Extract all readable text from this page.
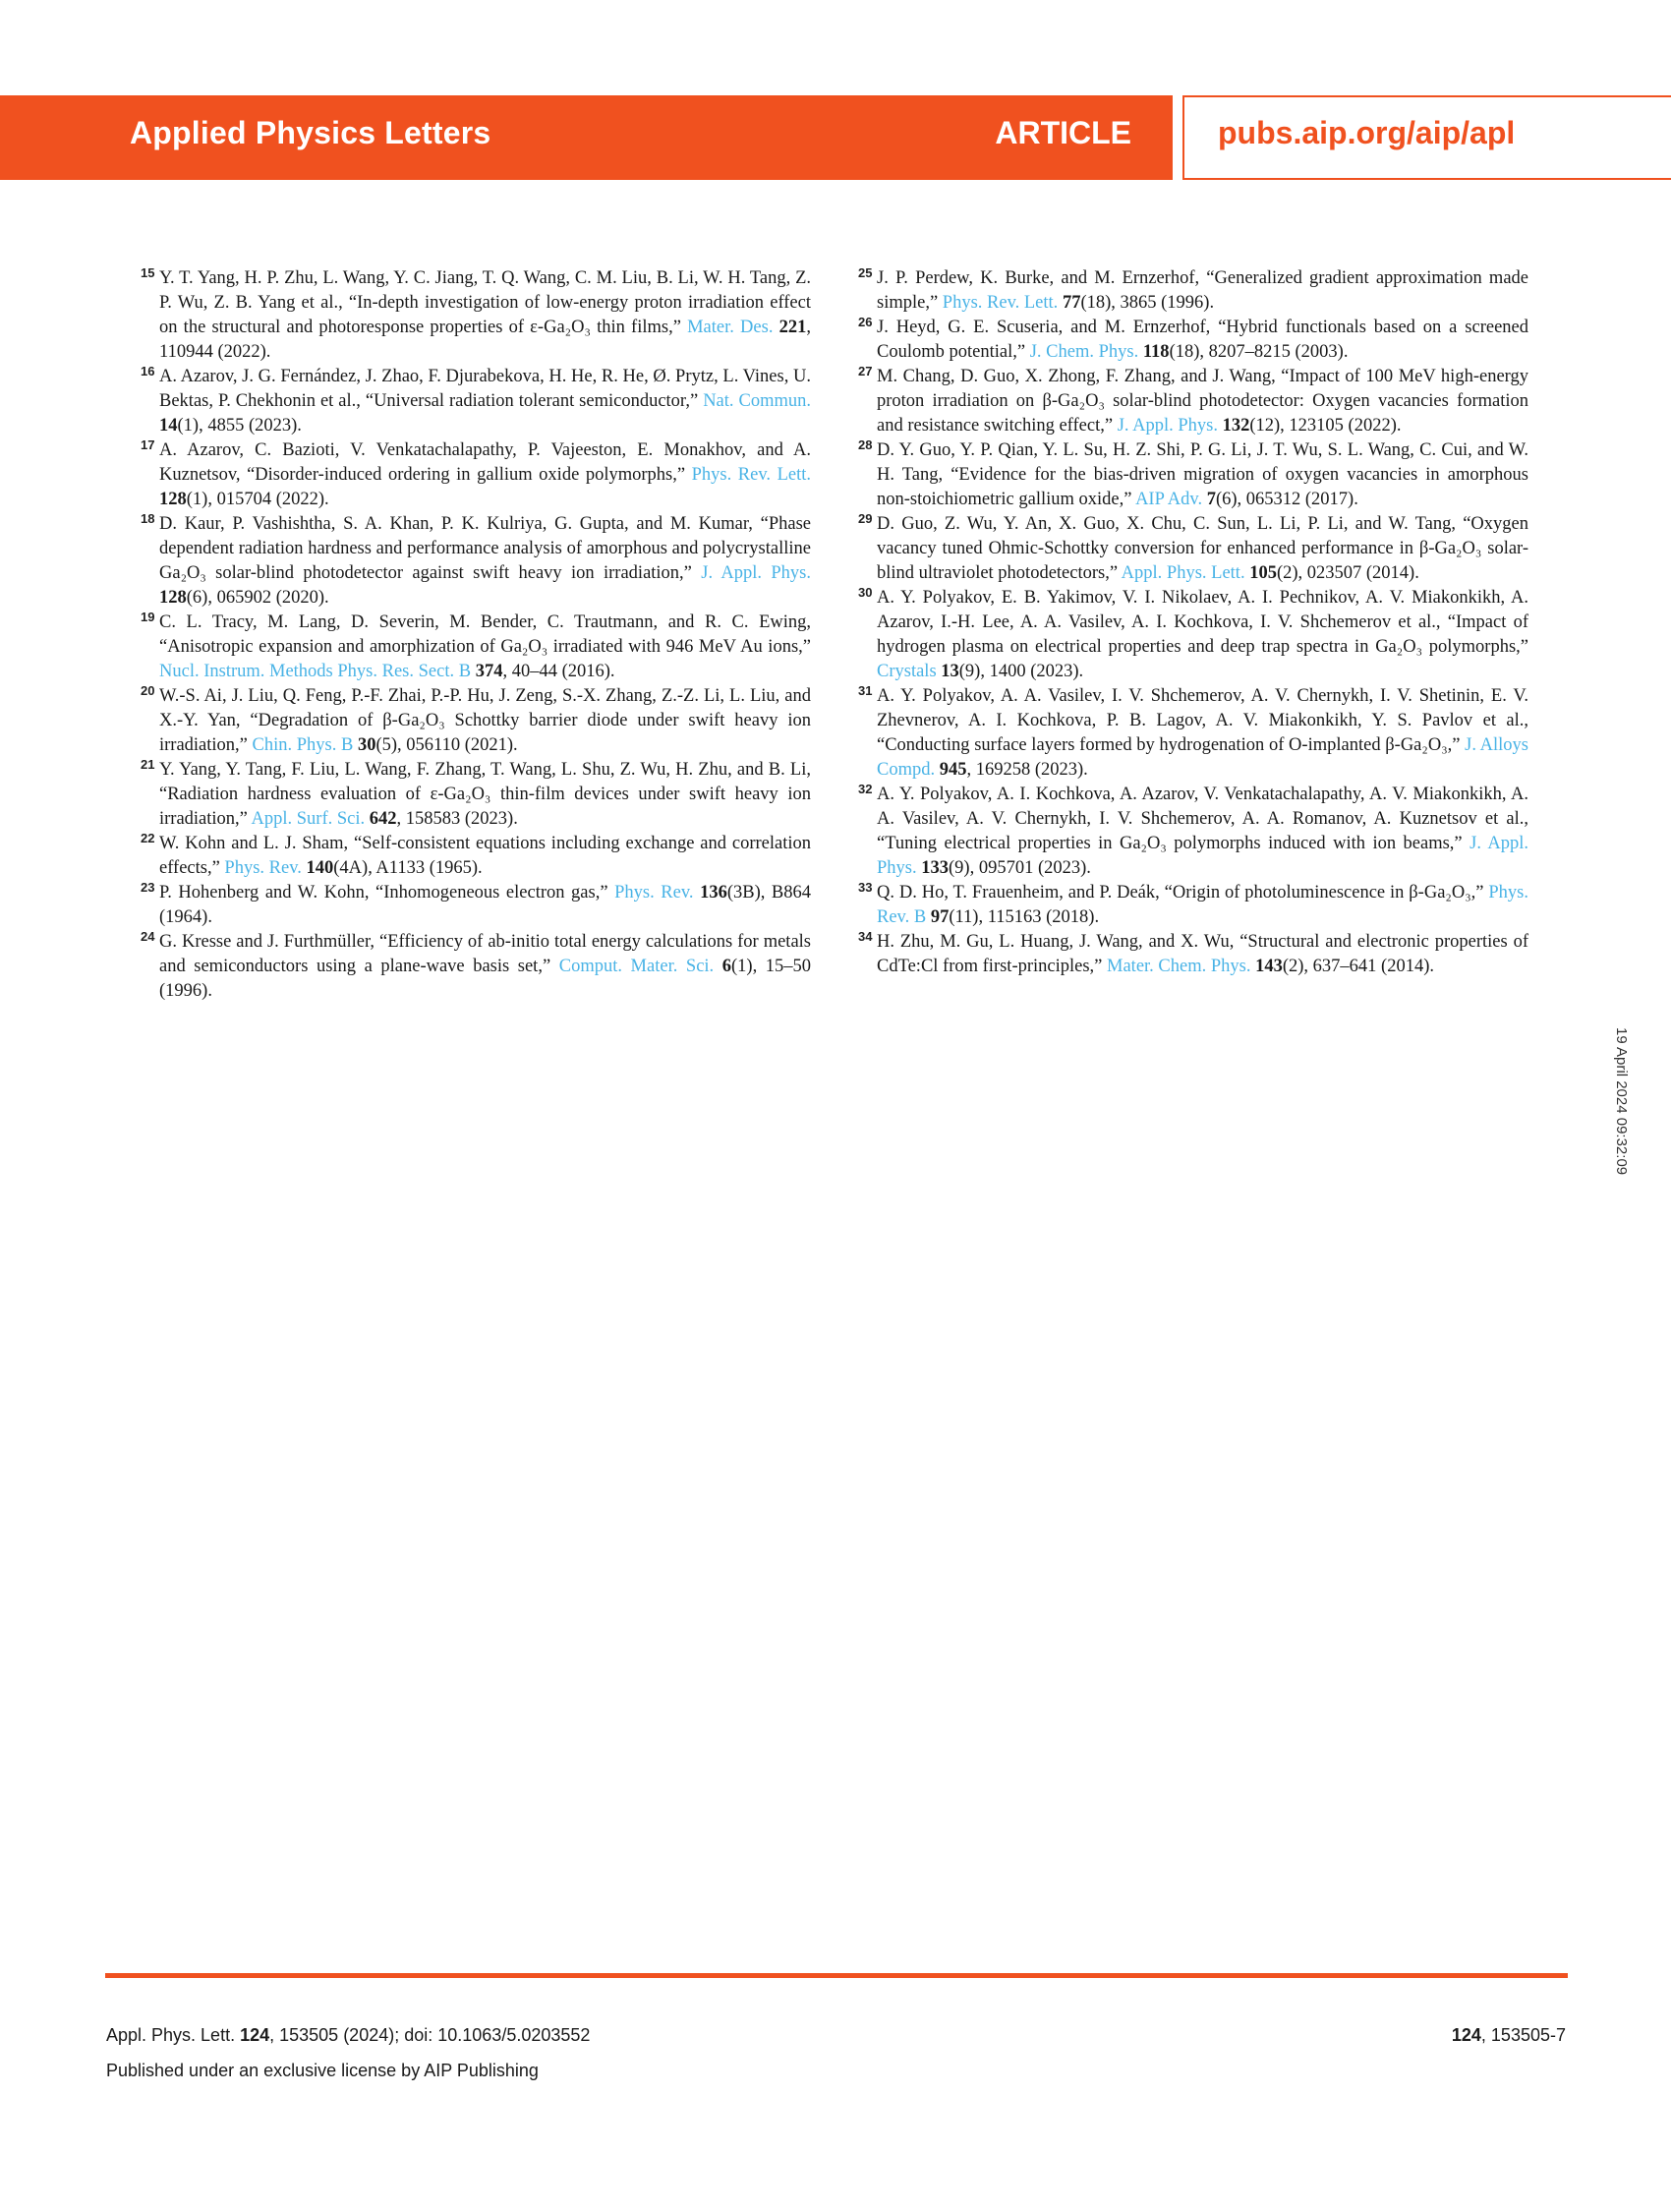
Applied Physics Letters	ARTICLE	pubs.aip.org/aip/apl
15 Y. T. Yang, H. P. Zhu, L. Wang, Y. C. Jiang, T. Q. Wang, C. M. Liu, B. Li, W. H. Tang, Z. P. Wu, Z. B. Yang et al., “In-depth investigation of low-energy proton irradiation effect on the structural and photoresponse properties of ε-Ga₂O₃ thin films,” Mater. Des. 221, 110944 (2022).
16 A. Azarov, J. G. Fernández, J. Zhao, F. Djurabekova, H. He, R. He, Ø. Prytz, L. Vines, U. Bektas, P. Chekhonin et al., “Universal radiation tolerant semiconductor,” Nat. Commun. 14(1), 4855 (2023).
17 A. Azarov, C. Bazioti, V. Venkatachalapathy, P. Vajeeston, E. Monakhov, and A. Kuznetsov, “Disorder-induced ordering in gallium oxide polymorphs,” Phys. Rev. Lett. 128(1), 015704 (2022).
18 D. Kaur, P. Vashishtha, S. A. Khan, P. K. Kulriya, G. Gupta, and M. Kumar, “Phase dependent radiation hardness and performance analysis of amorphous and polycrystalline Ga₂O₃ solar-blind photodetector against swift heavy ion irradiation,” J. Appl. Phys. 128(6), 065902 (2020).
19 C. L. Tracy, M. Lang, D. Severin, M. Bender, C. Trautmann, and R. C. Ewing, “Anisotropic expansion and amorphization of Ga₂O₃ irradiated with 946 MeV Au ions,” Nucl. Instrum. Methods Phys. Res. Sect. B 374, 40–44 (2016).
20 W.-S. Ai, J. Liu, Q. Feng, P.-F. Zhai, P.-P. Hu, J. Zeng, S.-X. Zhang, Z.-Z. Li, L. Liu, and X.-Y. Yan, “Degradation of β-Ga₂O₃ Schottky barrier diode under swift heavy ion irradiation,” Chin. Phys. B 30(5), 056110 (2021).
21 Y. Yang, Y. Tang, F. Liu, L. Wang, F. Zhang, T. Wang, L. Shu, Z. Wu, H. Zhu, and B. Li, “Radiation hardness evaluation of ε-Ga₂O₃ thin-film devices under swift heavy ion irradiation,” Appl. Surf. Sci. 642, 158583 (2023).
22 W. Kohn and L. J. Sham, “Self-consistent equations including exchange and correlation effects,” Phys. Rev. 140(4A), A1133 (1965).
23 P. Hohenberg and W. Kohn, “Inhomogeneous electron gas,” Phys. Rev. 136(3B), B864 (1964).
24 G. Kresse and J. Furthmüller, “Efficiency of ab-initio total energy calculations for metals and semiconductors using a plane-wave basis set,” Comput. Mater. Sci. 6(1), 15–50 (1996).
25 J. P. Perdew, K. Burke, and M. Ernzerhof, “Generalized gradient approximation made simple,” Phys. Rev. Lett. 77(18), 3865 (1996).
26 J. Heyd, G. E. Scuseria, and M. Ernzerhof, “Hybrid functionals based on a screened Coulomb potential,” J. Chem. Phys. 118(18), 8207–8215 (2003).
27 M. Chang, D. Guo, X. Zhong, F. Zhang, and J. Wang, “Impact of 100 MeV high-energy proton irradiation on β-Ga₂O₃ solar-blind photodetector: Oxygen vacancies formation and resistance switching effect,” J. Appl. Phys. 132(12), 123105 (2022).
28 D. Y. Guo, Y. P. Qian, Y. L. Su, H. Z. Shi, P. G. Li, J. T. Wu, S. L. Wang, C. Cui, and W. H. Tang, “Evidence for the bias-driven migration of oxygen vacancies in amorphous non-stoichiometric gallium oxide,” AIP Adv. 7(6), 065312 (2017).
29 D. Guo, Z. Wu, Y. An, X. Guo, X. Chu, C. Sun, L. Li, P. Li, and W. Tang, “Oxygen vacancy tuned Ohmic-Schottky conversion for enhanced performance in β-Ga₂O₃ solar-blind ultraviolet photodetectors,” Appl. Phys. Lett. 105(2), 023507 (2014).
30 A. Y. Polyakov, E. B. Yakimov, V. I. Nikolaev, A. I. Pechnikov, A. V. Miakonkikh, A. Azarov, I.-H. Lee, A. A. Vasilev, A. I. Kochkova, I. V. Shchemerov et al., “Impact of hydrogen plasma on electrical properties and deep trap spectra in Ga₂O₃ polymorphs,” Crystals 13(9), 1400 (2023).
31 A. Y. Polyakov, A. A. Vasilev, I. V. Shchemerov, A. V. Chernykh, I. V. Shetinin, E. V. Zhevnerov, A. I. Kochkova, P. B. Lagov, A. V. Miakonkikh, Y. S. Pavlov et al., “Conducting surface layers formed by hydrogenation of O-implanted β-Ga₂O₃,” J. Alloys Compd. 945, 169258 (2023).
32 A. Y. Polyakov, A. I. Kochkova, A. Azarov, V. Venkatachalapathy, A. V. Miakonkikh, A. A. Vasilev, A. V. Chernykh, I. V. Shchemerov, A. A. Romanov, A. Kuznetsov et al., “Tuning electrical properties in Ga₂O₃ polymorphs induced with ion beams,” J. Appl. Phys. 133(9), 095701 (2023).
33 Q. D. Ho, T. Frauenheim, and P. Deák, “Origin of photoluminescence in β-Ga₂O₃,” Phys. Rev. B 97(11), 115163 (2018).
34 H. Zhu, M. Gu, L. Huang, J. Wang, and X. Wu, “Structural and electronic properties of CdTe:Cl from first-principles,” Mater. Chem. Phys. 143(2), 637–641 (2014).
19 April 2024 09:32:09
Appl. Phys. Lett. 124, 153505 (2024); doi: 10.1063/5.0203552	124, 153505-7
Published under an exclusive license by AIP Publishing
